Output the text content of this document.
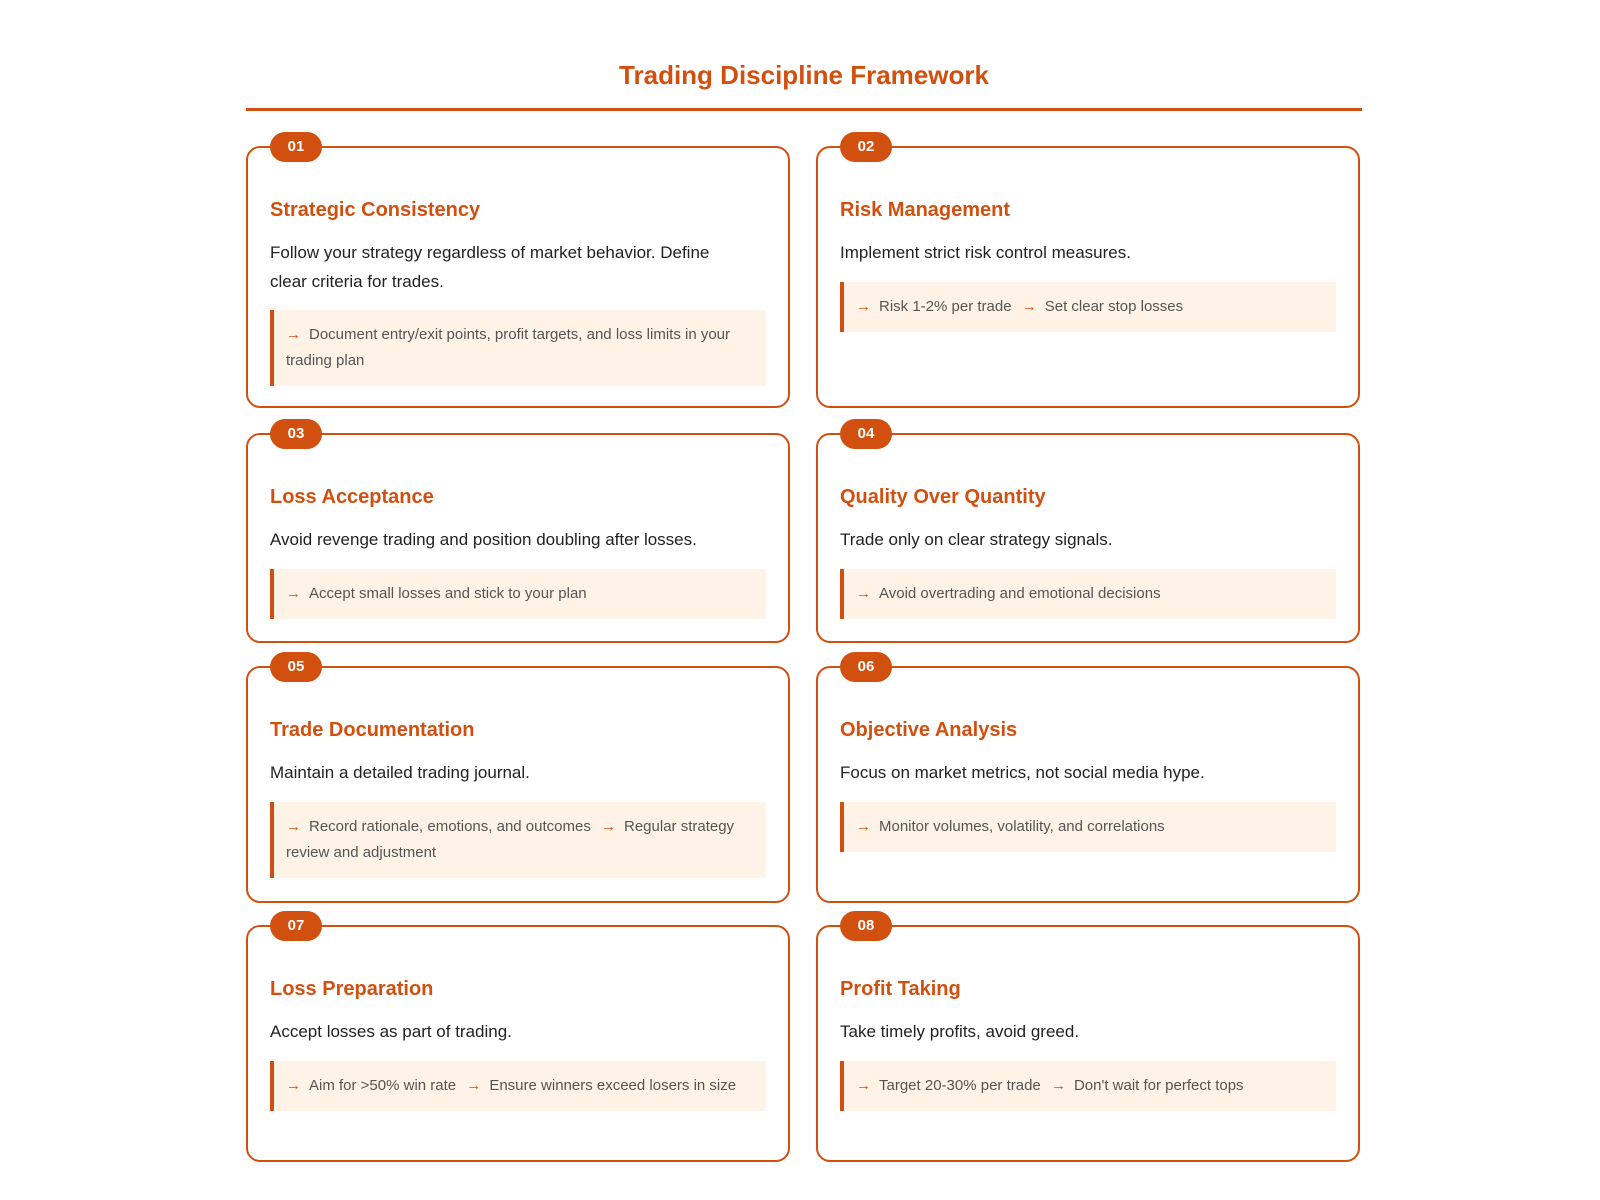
Trading Discipline Framework
01
Strategic Consistency

Follow your strategy regardless of market behavior. Define clear criteria for trades.

→ Document entry/exit points, profit targets, and loss limits in your trading plan
02
Risk Management

Implement strict risk control measures.

→ Risk 1-2% per trade → Set clear stop losses
03
Loss Acceptance

Avoid revenge trading and position doubling after losses.

→ Accept small losses and stick to your plan
04
Quality Over Quantity

Trade only on clear strategy signals.

→ Avoid overtrading and emotional decisions
05
Trade Documentation

Maintain a detailed trading journal.

→ Record rationale, emotions, and outcomes → Regular strategy review and adjustment
06
Objective Analysis

Focus on market metrics, not social media hype.

→ Monitor volumes, volatility, and correlations
07
Loss Preparation

Accept losses as part of trading.

→ Aim for >50% win rate → Ensure winners exceed losers in size
08
Profit Taking

Take timely profits, avoid greed.

→ Target 20-30% per trade → Don't wait for perfect tops
